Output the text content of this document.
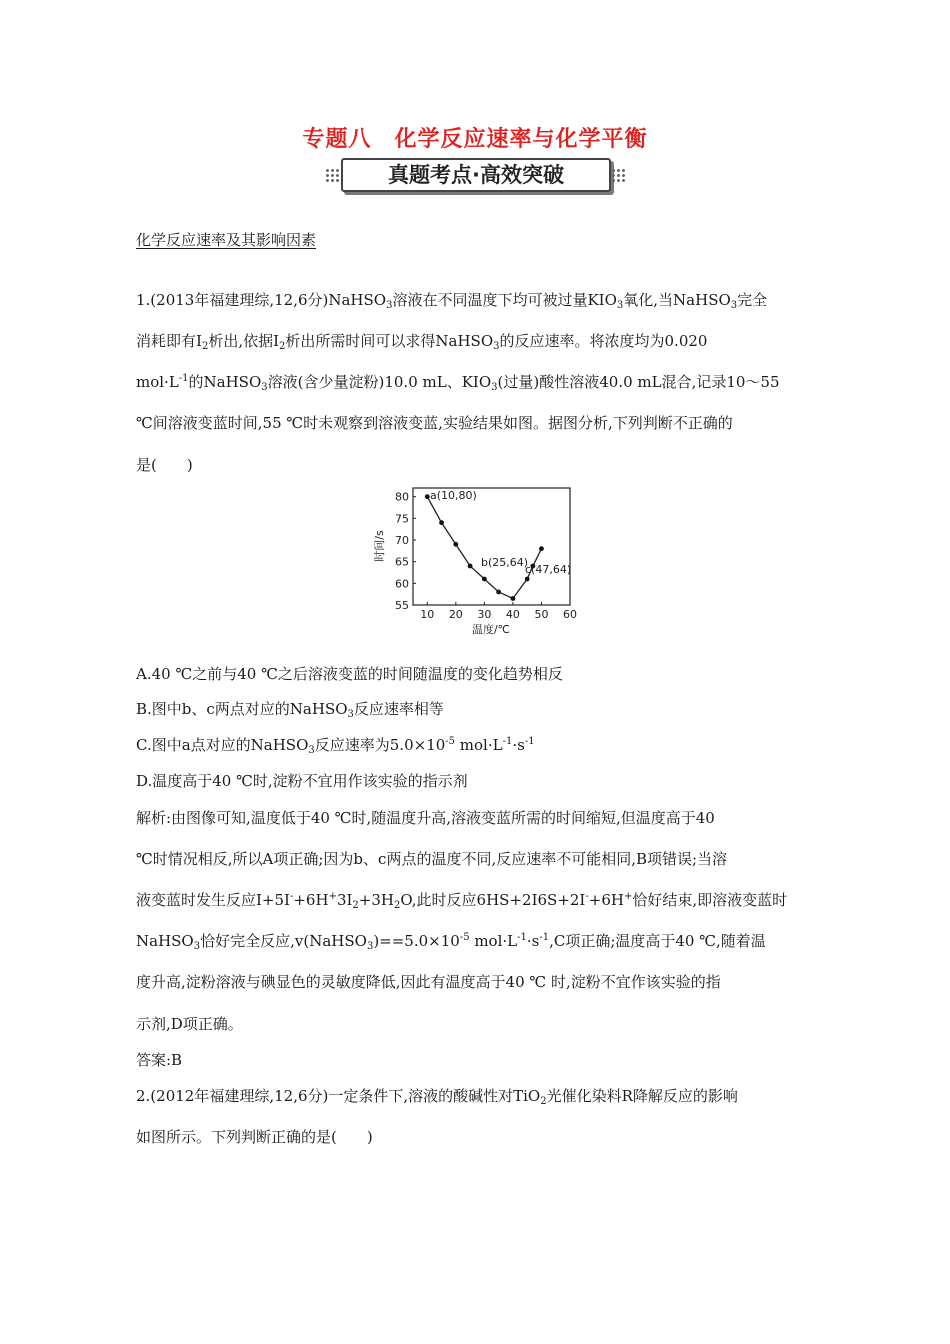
专题八　化学反应速率与化学平衡
真题考点·高效突破
化学反应速率及其影响因素
1.(2013年福建理综,12,6分)NaHSO$_3$溶液在不同温度下均可被过量$KIO_3$氧化,当NaHSO$_3$完全
消耗即有$I_2$析出,依据$I_2$析出所需时间可以求得NaHSO$_3$的反应速率。将浓度均为0.020
$mol\cdot L^{-1}$的NaHSO$_3$溶液(含少量淀粉)10.0 mL、$KIO_3$(过量)酸性溶液40.0 mL混合,记录10～55
℃间溶液变蓝时间,55 ℃时未观察到溶液变蓝,实验结果如图。据图分析,下列判断不正确的
是(　　)
10 20 30 40 50 60
55
60
65
70
75
80 a(10,80)
b(25,64)
c(47,64)
温度/℃
时间/s
A.40 ℃之前与40 ℃之后溶液变蓝的时间随温度的变化趋势相反
B.图中b、c两点对应的NaHSO$_3$反应速率相等
C.图中a点对应的NaHSO$_3$反应速率为$5.0\times 10^{-5}$ $mol\cdot L^{-1}\cdot s^{-1}$
D.温度高于40 ℃时,淀粉不宜用作该实验的指示剂
解析:由图像可知,温度低于40 ℃时,随温度升高,溶液变蓝所需的时间缩短,但温度高于40
℃时情况相反,所以A项正确;因为b、c两点的温度不同,反应速率不可能相同,B项错误;当溶
液变蓝时发生反应$I+5I^-+6H^+3I_2+3H_2O$,此时反应6HS+2I6S+2I-+6H+恰好结束,即溶液变蓝时
NaHSO$_3$恰好完全反应$,v(NaHSO_3)==5.0\times 10^{-5}$ $mol\cdot L^{-1}\cdot s^{-1},C$项正确;温度高于40 ℃,随着温
度升高,淀粉溶液与碘显色的灵敏度降低,因此有温度高于40 ℃ 时,淀粉不宜作该实验的指
示剂,D项正确。
答案:B
2.(2012年福建理综,12,6分)一定条件下,溶液的酸碱性对TiO$_2$光催化染料R降解反应的影响
如图所示。下列判断正确的是(　　)
